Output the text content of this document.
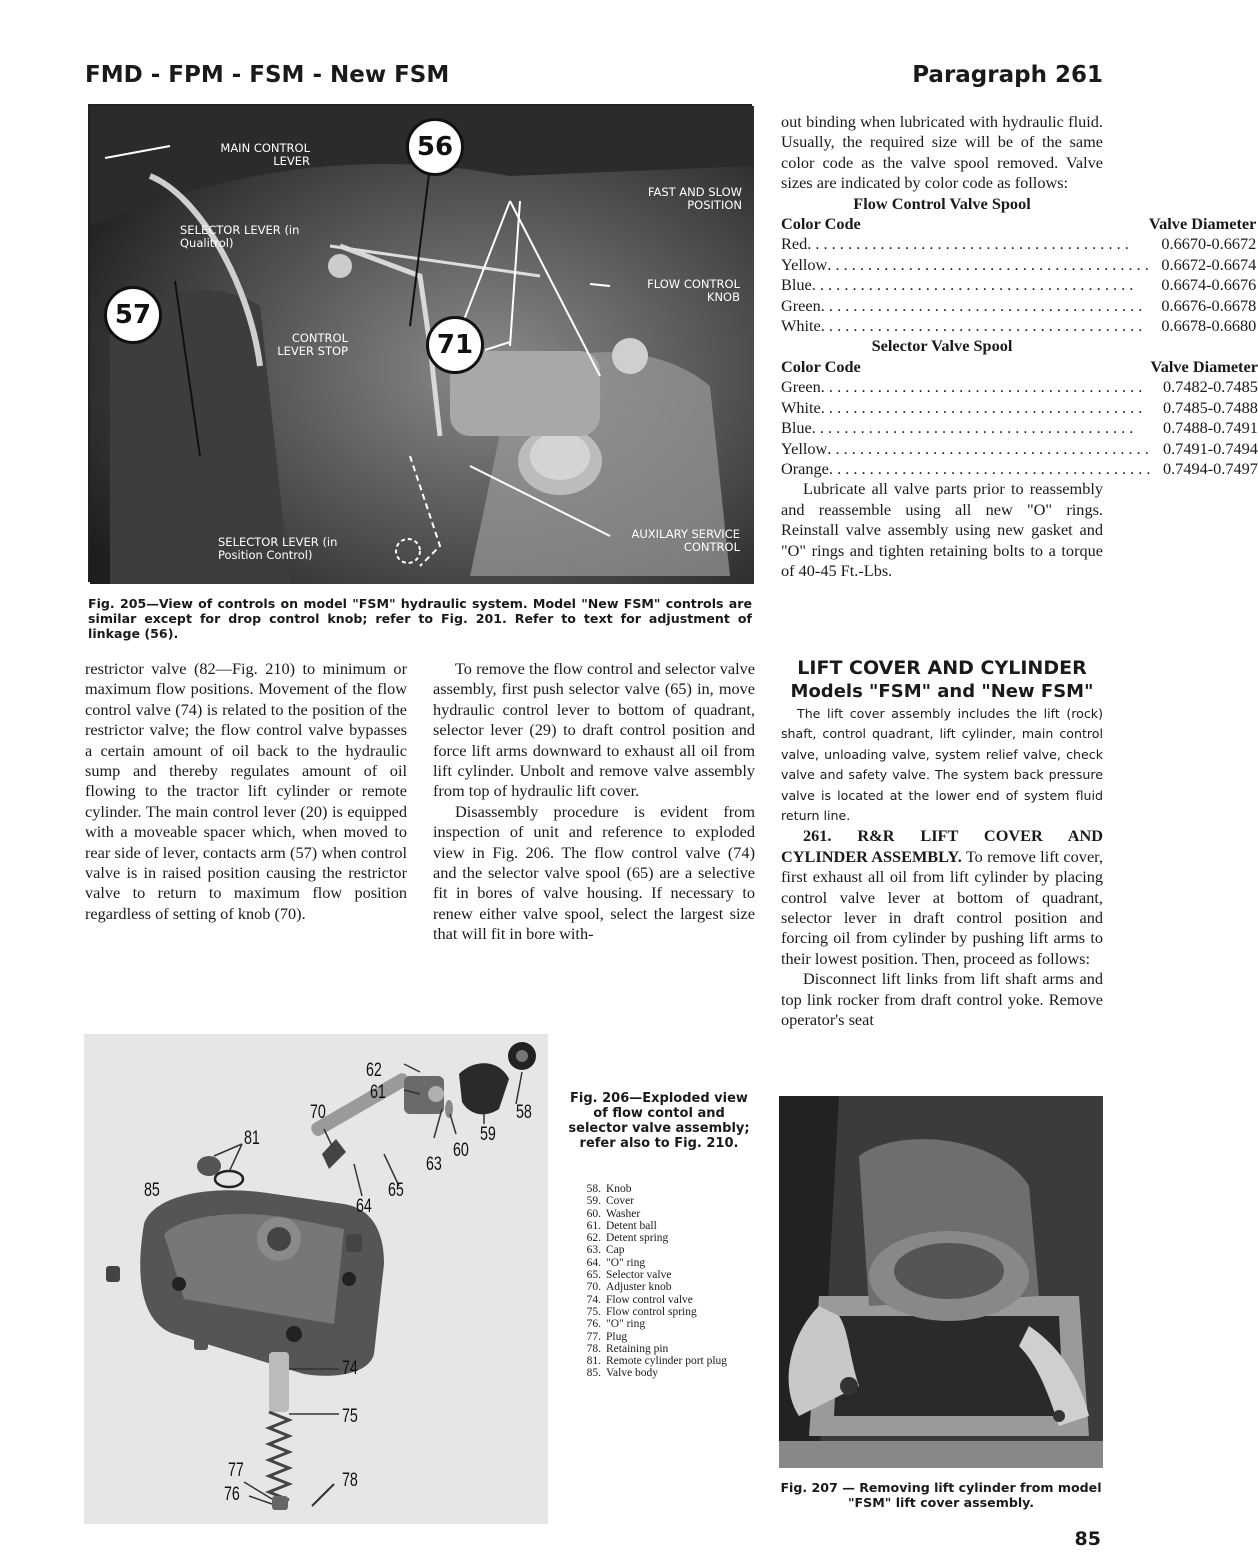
FMD - FPM - FSM - New FSM	Paragraph 261
MAIN CONTROL LEVER
FAST AND SLOW POSITION
SELECTOR LEVER (in Qualitrol)
FLOW CONTROL KNOB
CONTROL LEVER STOP
SELECTOR LEVER (in Position Control)
AUXILARY SERVICE CONTROL
56
57
71
Fig. 205—View of controls on model "FSM" hydraulic system. Model "New FSM" controls are similar except for drop control knob; refer to Fig. 201. Refer to text for adjustment of linkage (56).

out binding when lubricated with hydraulic fluid. Usually, the required size will be of the same color code as the valve spool removed. Valve sizes are indicated by color code as follows:

Flow Control Valve Spool
Color Code	Valve Diameter

Red . . . . . . . . . . . . . . . . . . . . . . . . . . . . . . . . . . . . . . . .	0.6670-0.6672

Yellow . . . . . . . . . . . . . . . . . . . . . . . . . . . . . . . . . . . . . . . .	0.6672-0.6674

Blue . . . . . . . . . . . . . . . . . . . . . . . . . . . . . . . . . . . . . . . .	0.6674-0.6676

Green . . . . . . . . . . . . . . . . . . . . . . . . . . . . . . . . . . . . . . . .	0.6676-0.6678

White . . . . . . . . . . . . . . . . . . . . . . . . . . . . . . . . . . . . . . . .	0.6678-0.6680
Selector Valve Spool
Color Code	Valve Diameter

Green . . . . . . . . . . . . . . . . . . . . . . . . . . . . . . . . . . . . . . . .	0.7482-0.7485

White . . . . . . . . . . . . . . . . . . . . . . . . . . . . . . . . . . . . . . . .	0.7485-0.7488

Blue . . . . . . . . . . . . . . . . . . . . . . . . . . . . . . . . . . . . . . . .	0.7488-0.7491

Yellow . . . . . . . . . . . . . . . . . . . . . . . . . . . . . . . . . . . . . . . .	0.7491-0.7494

Orange . . . . . . . . . . . . . . . . . . . . . . . . . . . . . . . . . . . . . . . .	0.7494-0.7497

Lubricate all valve parts prior to reassembly and reassemble using all new "O" rings. Reinstall valve assembly using new gasket and "O" rings and tighten retaining bolts to a torque of 40-45 Ft.-Lbs.

LIFT COVER AND CYLINDER
Models "FSM" and "New FSM"

The lift cover assembly includes the lift (rock) shaft, control quadrant, lift cylinder, main control valve, unloading valve, system relief valve, check valve and safety valve. The system back pressure valve is located at the lower end of system fluid return line.

261. R&R LIFT COVER AND CYLINDER ASSEMBLY. To remove lift cover, first exhaust all oil from lift cylinder by placing control valve lever at bottom of quadrant, selector lever in draft control position and forcing oil from cylinder by pushing lift arms to their lowest position. Then, proceed as follows:

Disconnect lift links from lift shaft arms and top link rocker from draft control yoke. Remove operator's seat

restrictor valve (82—Fig. 210) to minimum or maximum flow positions. Movement of the flow control valve (74) is related to the position of the restrictor valve; the flow control valve bypasses a certain amount of oil back to the hydraulic sump and thereby regulates amount of oil flowing to the tractor lift cylinder or remote cylinder. The main control lever (20) is equipped with a moveable spacer which, when moved to rear side of lever, contacts arm (57) when control valve is in raised position causing the restrictor valve to return to maximum flow position regardless of setting of knob (70).

To remove the flow control and selector valve assembly, first push selector valve (65) in, move hydraulic control lever to bottom of quadrant, selector lever (29) to draft control position and force lift arms downward to exhaust all oil from lift cylinder. Unbolt and remove valve assembly from top of hydraulic lift cover.

Disassembly procedure is evident from inspection of unit and reference to exploded view in Fig. 206. The flow control valve (74) and the selector valve spool (65) are a selective fit in bores of valve housing. If necessary to renew either valve spool, select the largest size that will fit in bore with-

62
61
70
81
85
64
65
63
60
59
58
74
75
77
76
78
Fig. 206—Exploded view of flow contol and selector valve assembly; refer also to Fig. 210.
58. Knob
59. Cover
60. Washer
61. Detent ball
62. Detent spring
63. Cap
64. "O" ring
65. Selector valve
70. Adjuster knob
74. Flow control valve
75. Flow control spring
76. "O" ring
77. Plug
78. Retaining pin
81. Remote cylinder port plug
85. Valve body
Fig. 207 — Removing lift cylinder from model "FSM" lift cover assembly.
85
